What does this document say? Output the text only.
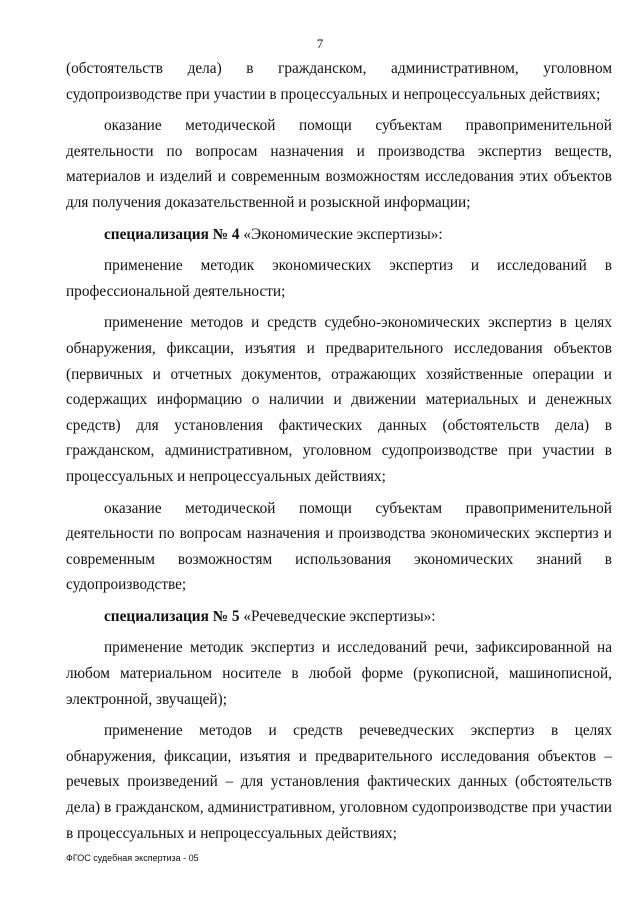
7

(обстоятельств дела) в гражданском, административном, уголовном судопроизводстве при участии в процессуальных и непроцессуальных действиях;

оказание методической помощи субъектам правоприменительной деятельности по вопросам назначения и производства экспертиз веществ, материалов и изделий и современным возможностям исследования этих объектов для получения доказательственной и розыскной информации;

специализация № 4 «Экономические экспертизы»:

применение методик экономических экспертиз и исследований в профессиональной деятельности;

применение методов и средств судебно-экономических экспертиз в целях обнаружения, фиксации, изъятия и предварительного исследования объектов (первичных и отчетных документов, отражающих хозяйственные операции и содержащих информацию о наличии и движении материальных и денежных средств) для установления фактических данных (обстоятельств дела) в гражданском, административном, уголовном судопроизводстве при участии в процессуальных и непроцессуальных действиях;

оказание методической помощи субъектам правоприменительной деятельности по вопросам назначения и производства экономических экспертиз и современным возможностям использования экономических знаний в судопроизводстве;

специализация № 5 «Речеведческие экспертизы»:

применение методик экспертиз и исследований речи, зафиксированной на любом материальном носителе в любой форме (рукописной, машинописной, электронной, звучащей);

применение методов и средств речеведческих экспертиз в целях обнаружения, фиксации, изъятия и предварительного исследования объектов – речевых произведений – для установления фактических данных (обстоятельств дела) в гражданском, административном, уголовном судопроизводстве при участии в процессуальных и непроцессуальных действиях;

ФГОС судебная экспертиза - 05
